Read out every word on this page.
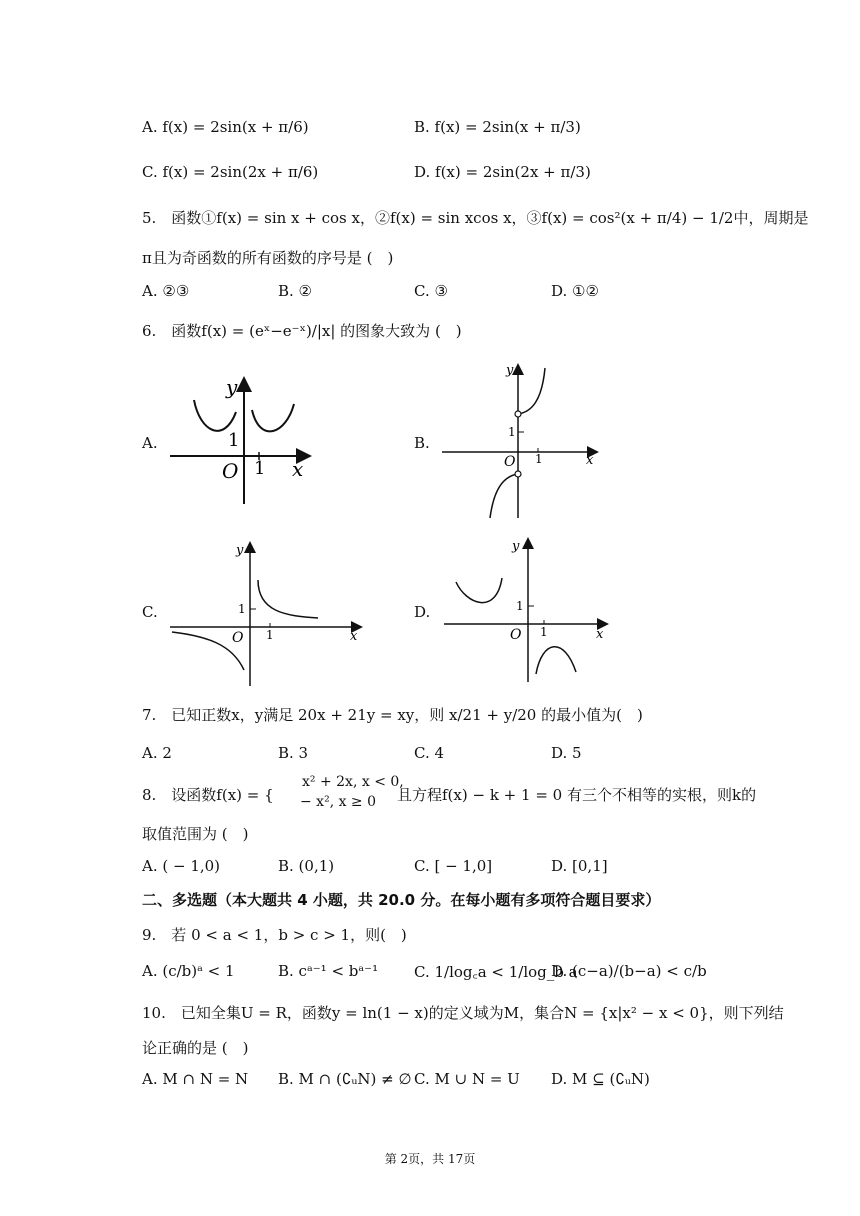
A. f(x) = 2sin(x + π/6)	B. f(x) = 2sin(x + π/3)
C. f(x) = 2sin(2x + π/6)	D. f(x) = 2sin(2x + π/3)
5.　函数①f(x) = sin x + cos x，②f(x) = sin xcos x，③f(x) = cos²(x + π/4) − 1/2中，周期是
π且为奇函数的所有函数的序号是 (　)
A. ②③	B. ②	C. ③	D. ①②
6.　函数f(x) = (eˣ−e⁻ˣ)/|x| 的图象大致为 (　)
A.	B.
C.	D.
y
x
O 1
1
y
x
O 1
1
y
x
O 1
1
y
x
O 1
1
7.　已知正数x，y满足 20x + 21y = xy，则 x/21 + y/20 的最小值为(　)
A. 2	B. 3	C. 4	D. 5
8.　设函数f(x) = {
x² + 2x, x < 0,
− x², x ≥ 0 且方程f(x) − k + 1 = 0 有三个不相等的实根，则k的
取值范围为 (　)
A. ( − 1,0)	B. (0,1)	C. [ − 1,0]	D. [0,1]
二、多选题（本大题共 4 小题，共 20.0 分。在每小题有多项符合题目要求）
9.　若 0 < a < 1，b > c > 1，则(　)
A. (c/b)ᵃ < 1	B. cᵃ⁻¹ < bᵃ⁻¹ C. 1/log꜀a < 1/log_b a
D. (c−a)/(b−a) < c/b
10.　已知全集U = R，函数y = ln(1 − x)的定义域为M，集合N = {x|x² − x < 0}，则下列结
论正确的是 (　)
A. M ∩ N = N B. M ∩ (∁ᵤN) ≠ ∅ C. M ∪ N = U D. M ⊆ (∁ᵤN)
第 2页，共 17页
